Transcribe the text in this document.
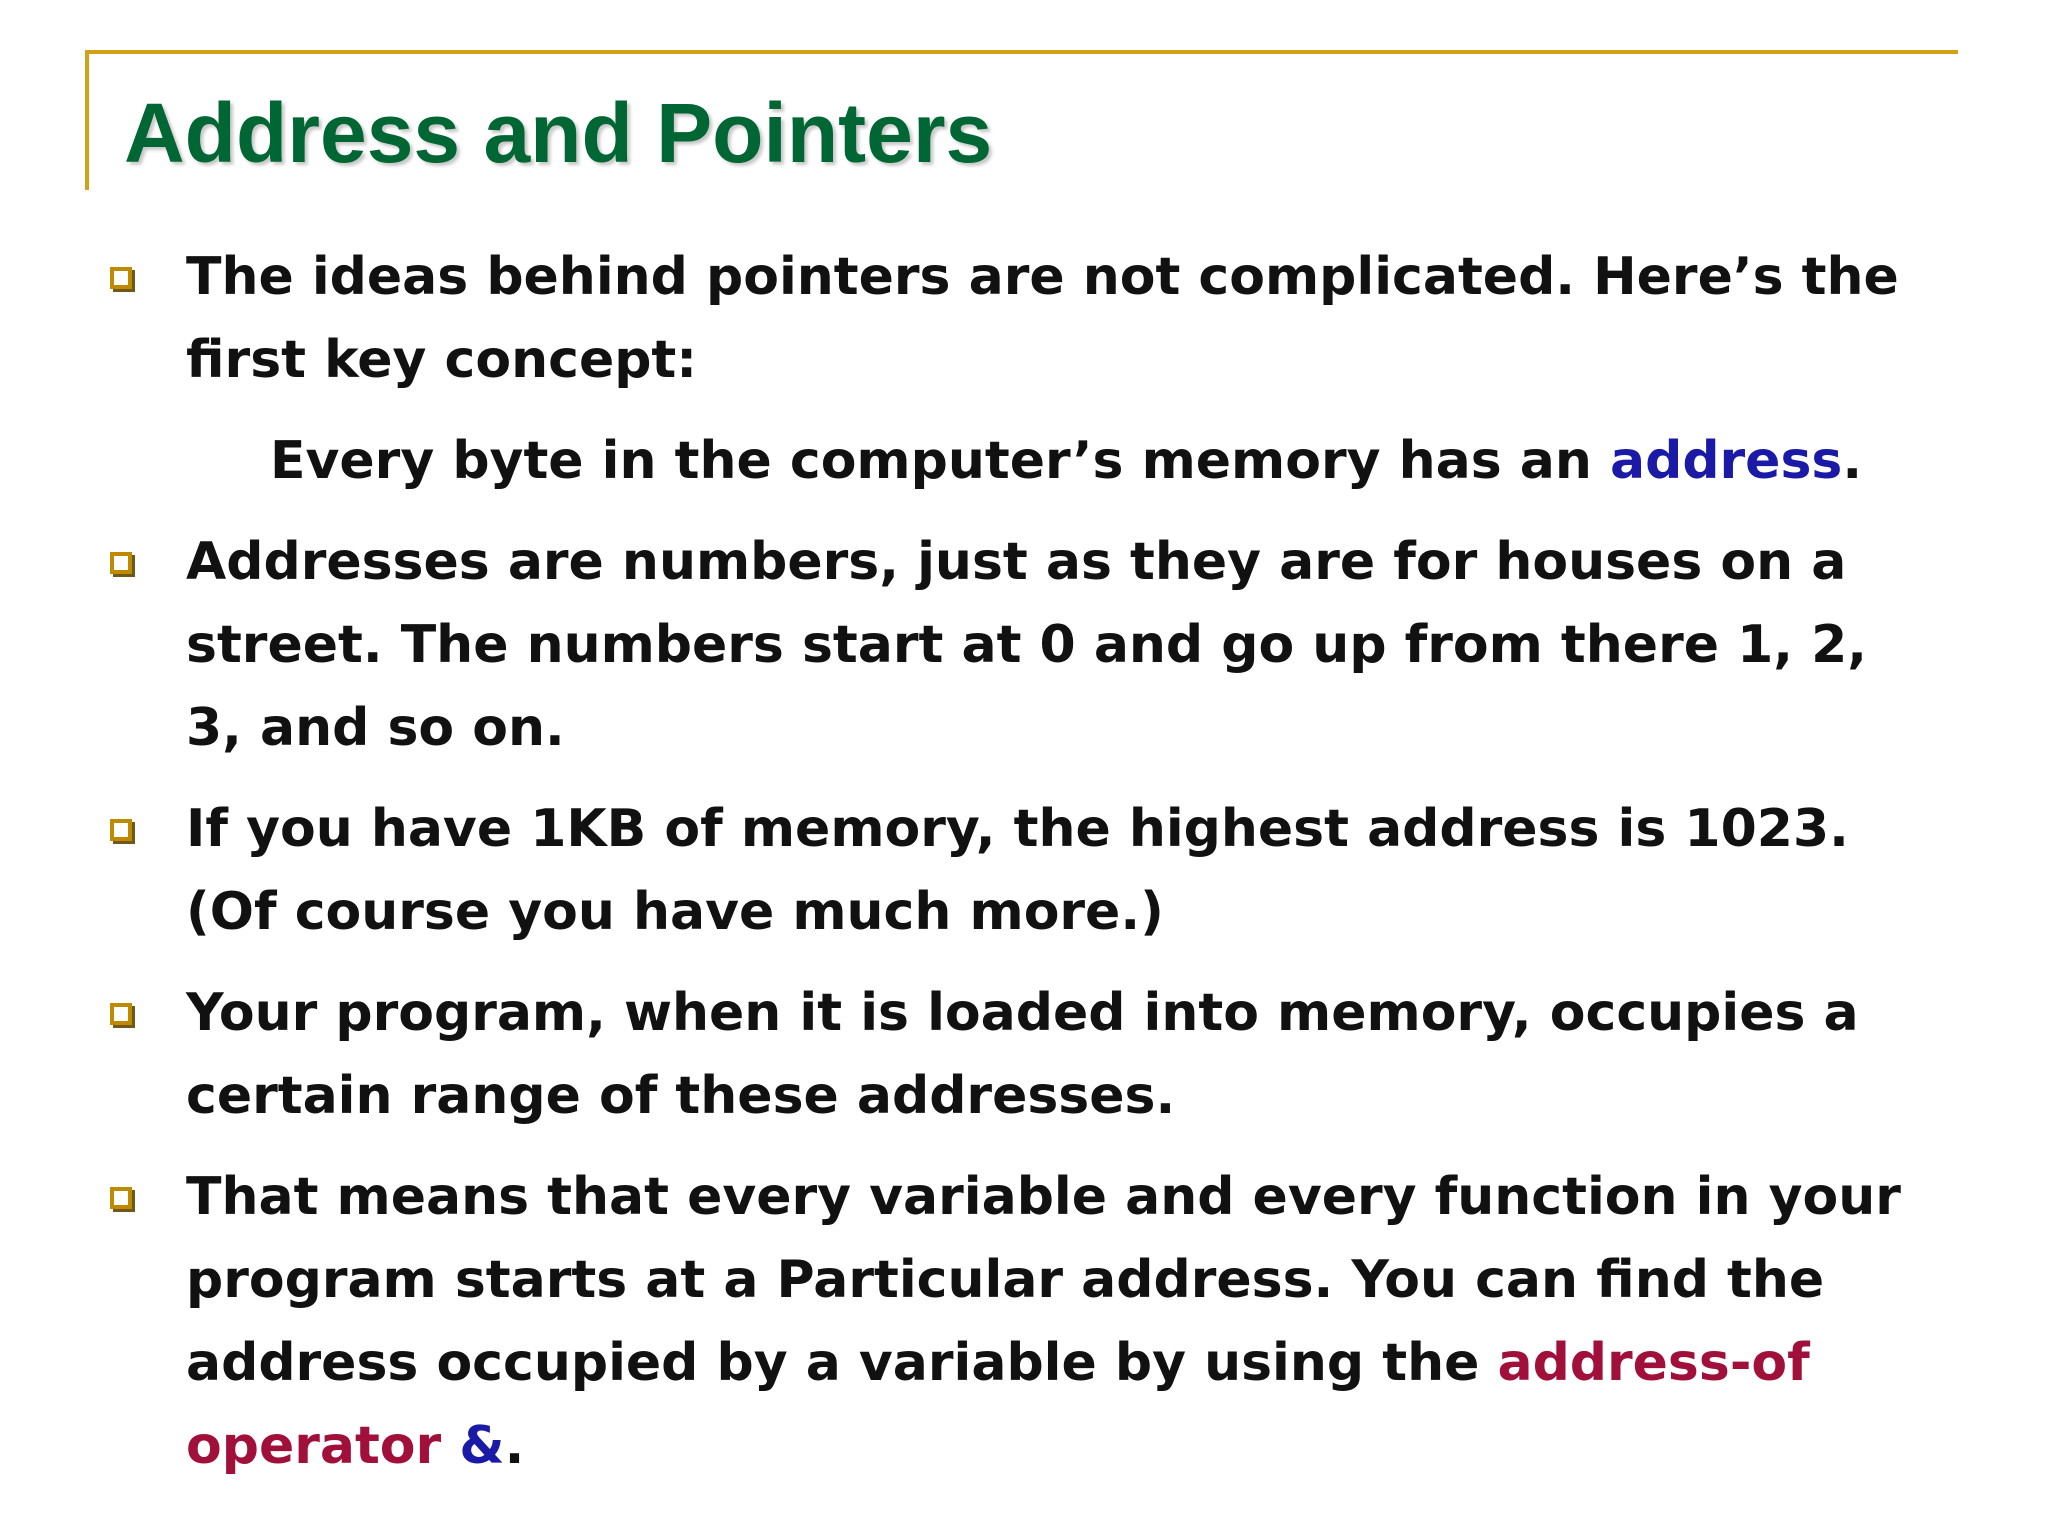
Address and Pointers
The ideas behind pointers are not complicated. Here’s the first key concept:
Every byte in the computer’s memory has an address.
Addresses are numbers, just as they are for houses on a street. The numbers start at 0 and go up from there 1, 2, 3, and so on.
If you have 1KB of memory, the highest address is 1023. (Of course you have much more.)
Your program, when it is loaded into memory, occupies a certain range of these addresses.
That means that every variable and every function in your program starts at a Particular address. You can find the address occupied by a variable by using the address-of operator &.
